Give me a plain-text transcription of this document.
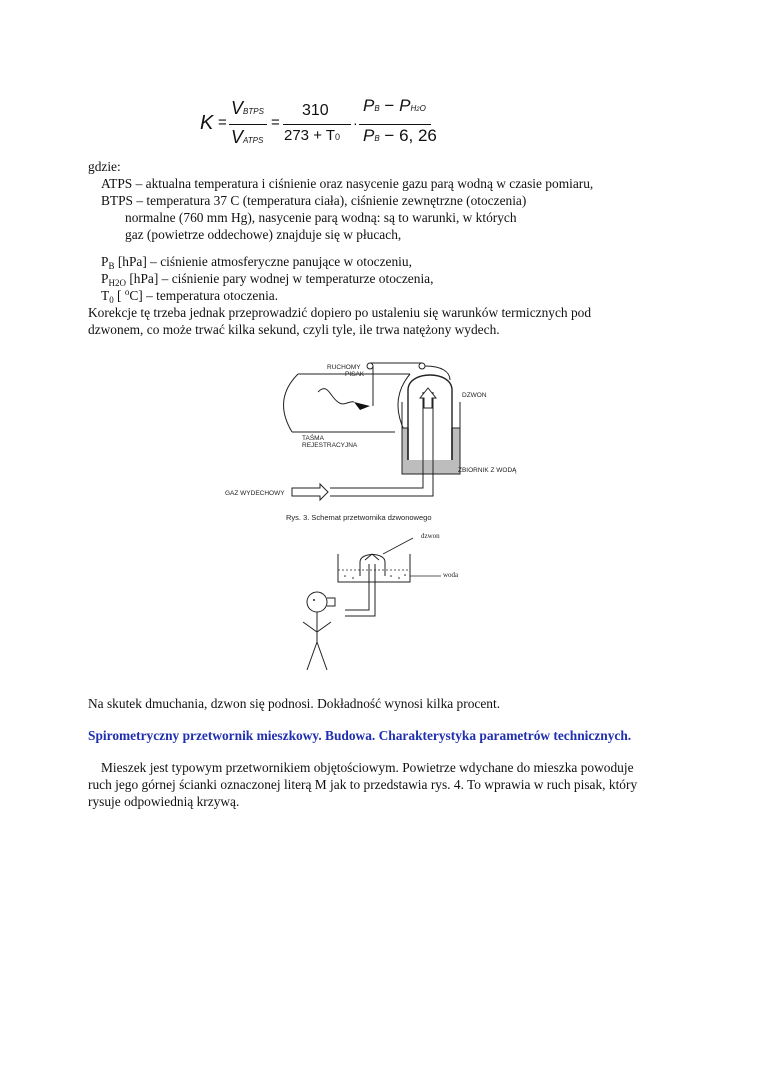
K =
VBTPS
VATPS
=
310
273 + T0
·
PB − PH2O
PB − 6, 26
gdzie:
ATPS – aktualna temperatura i ciśnienie oraz nasycenie gazu parą wodną w czasie pomiaru,
BTPS – temperatura 37 C (temperatura ciała), ciśnienie zewnętrzne (otoczenia)
normalne (760 mm Hg), nasycenie parą wodną: są to warunki, w których
gaz (powietrze oddechowe) znajduje się w płucach,
$P_B$ [hPa] – ciśnienie atmosferyczne panujące w otoczeniu,
$P_{H2O}$ [hPa] – ciśnienie pary wodnej w temperaturze otoczenia,
$T_0$ [ $^o$C] – temperatura otoczenia.
Korekcje tę trzeba jednak przeprowadzić dopiero po ustaleniu się warunków termicznych pod
dzwonem, co może trwać kilka sekund, czyli tyle, ile trwa natężony wydech.
RUCHOMY
PISAK
DZWON
TAŚMA
REJESTRACYJNA
ZBIORNIK Z WODĄ
GAZ WYDECHOWY
Rys. 3. Schemat przetwornika dzwonowego
dzwon
woda
Na skutek dmuchania, dzwon się podnosi. Dokładność wynosi kilka procent.
Spirometryczny przetwornik mieszkowy. Budowa. Charakterystyka parametrów technicznych.
Mieszek jest typowym przetwornikiem objętościowym. Powietrze wdychane do mieszka powoduje
ruch jego górnej ścianki oznaczonej literą M jak to przedstawia rys. 4. To wprawia w ruch pisak, który
rysuje odpowiednią krzywą.
